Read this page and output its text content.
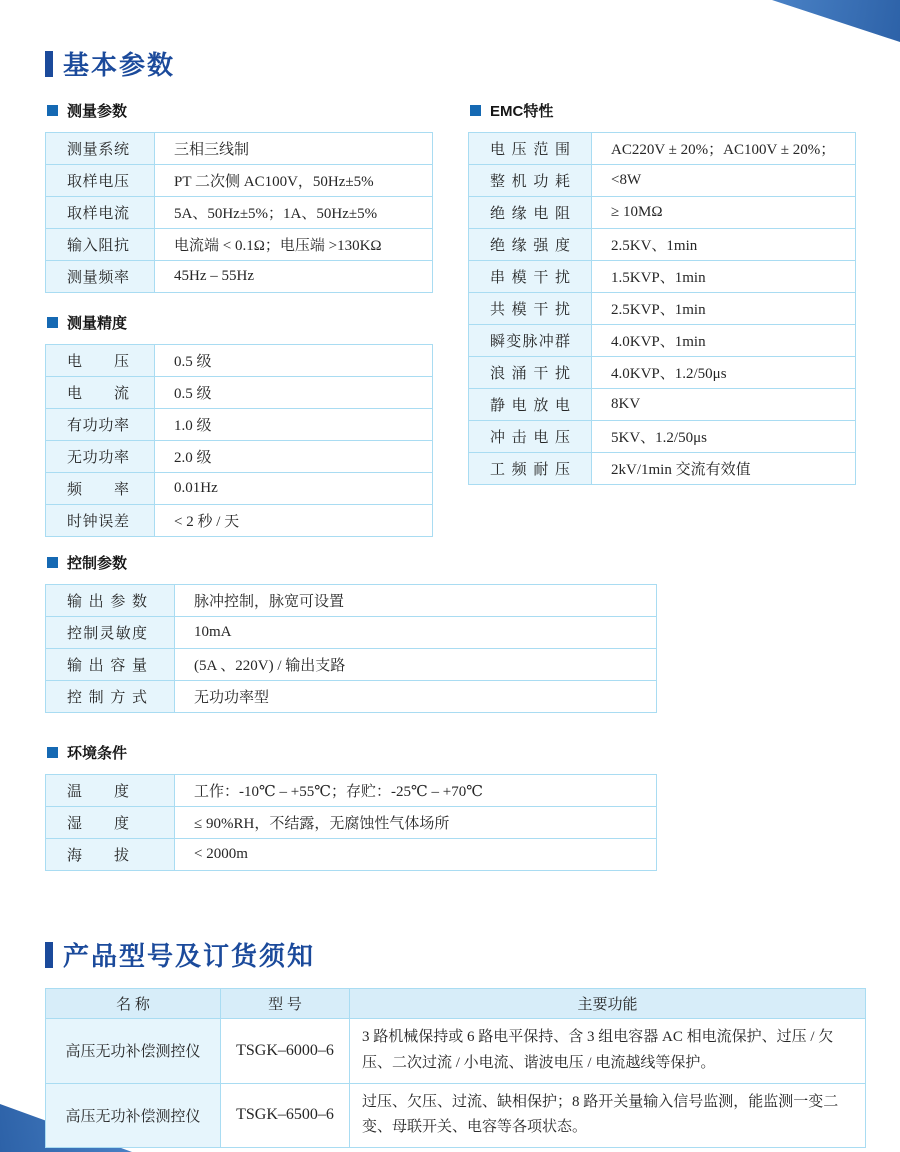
基本参数
测量参数
测量系统	三相三线制
取样电压	PT 二次侧 AC100V，50Hz±5%
取样电流	5A、50Hz±5%；1A、50Hz±5%
输入阻抗	电流端 < 0.1Ω；电压端 >130KΩ
测量频率	45Hz – 55Hz
EMC特性
电压范围	AC220V ± 20%；AC100V ± 20%；
整机功耗	<8W
绝缘电阻	≥ 10MΩ
绝缘强度	2.5KV、1min
串模干扰	1.5KVP、1min
共模干扰	2.5KVP、1min
瞬变脉冲群	4.0KVP、1min
浪涌干扰	4.0KVP、1.2/50μs
静电放电	8KV
冲击电压	5KV、1.2/50μs
工频耐压	2kV/1min 交流有效值
测量精度
电压	0.5 级
电流	0.5 级
有功功率	1.0 级
无功功率	2.0 级
频率	0.01Hz
时钟误差	< 2 秒 / 天
控制参数
输出参数	脉冲控制，脉宽可设置
控制灵敏度	10mA
输出容量	(5A 、220V) / 输出支路
控制方式	无功功率型
环境条件
温度	工作：-10℃ – +55℃；存贮：-25℃ – +70℃
湿度	≤ 90%RH，不结露，无腐蚀性气体场所
海拔	< 2000m
产品型号及订货须知
名 称	型 号	主要功能
高压无功补偿测控仪	TSGK–6000–6	3 路机械保持或 6 路电平保持、含 3 组电容器 AC 相电流保护、过压 / 欠压、二次过流 / 小电流、谐波电压 / 电流越线等保护。
高压无功补偿测控仪	TSGK–6500–6	过压、欠压、过流、缺相保护；8 路开关量输入信号监测，能监测一变二变、母联开关、电容等各项状态。
